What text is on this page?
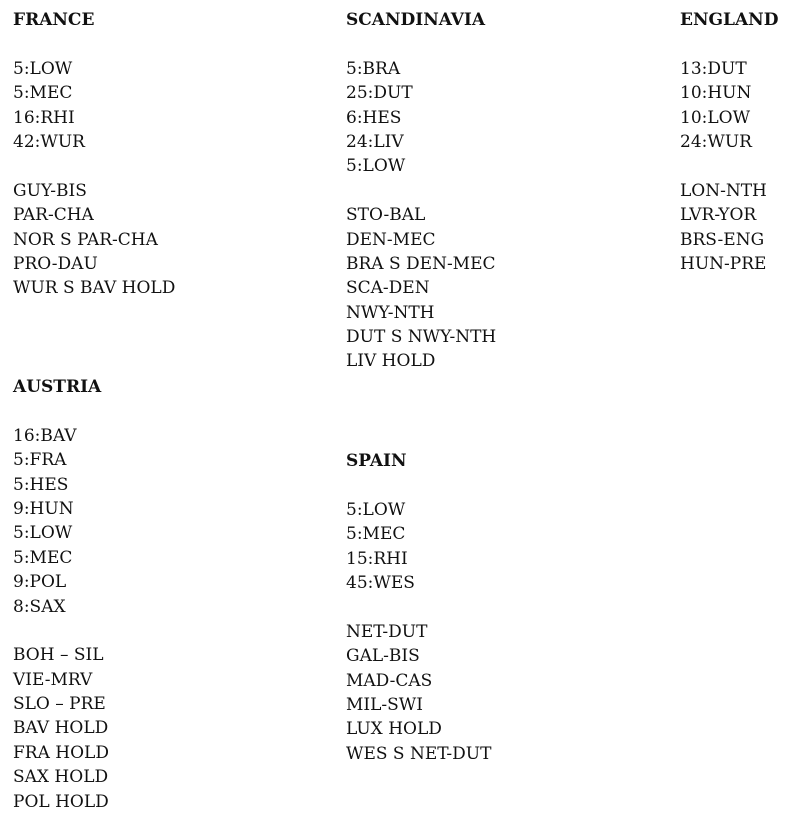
FRANCE
5:LOW
5:MEC
16:RHI
42:WUR
GUY-BIS
PAR-CHA
NOR S PAR-CHA
PRO-DAU
WUR S BAV HOLD
SCANDINAVIA
5:BRA
25:DUT
6:HES
24:LIV
5:LOW
STO-BAL
DEN-MEC
BRA S DEN-MEC
SCA-DEN
NWY-NTH
DUT S NWY-NTH
LIV HOLD
ENGLAND
13:DUT
10:HUN
10:LOW
24:WUR
LON-NTH
LVR-YOR
BRS-ENG
HUN-PRE
AUSTRIA
16:BAV
5:FRA
5:HES
9:HUN
5:LOW
5:MEC
9:POL
8:SAX
BOH – SIL
VIE-MRV
SLO – PRE
BAV HOLD
FRA HOLD
SAX HOLD
POL HOLD
SPAIN
5:LOW
5:MEC
15:RHI
45:WES
NET-DUT
GAL-BIS
MAD-CAS
MIL-SWI
LUX HOLD
WES S NET-DUT
